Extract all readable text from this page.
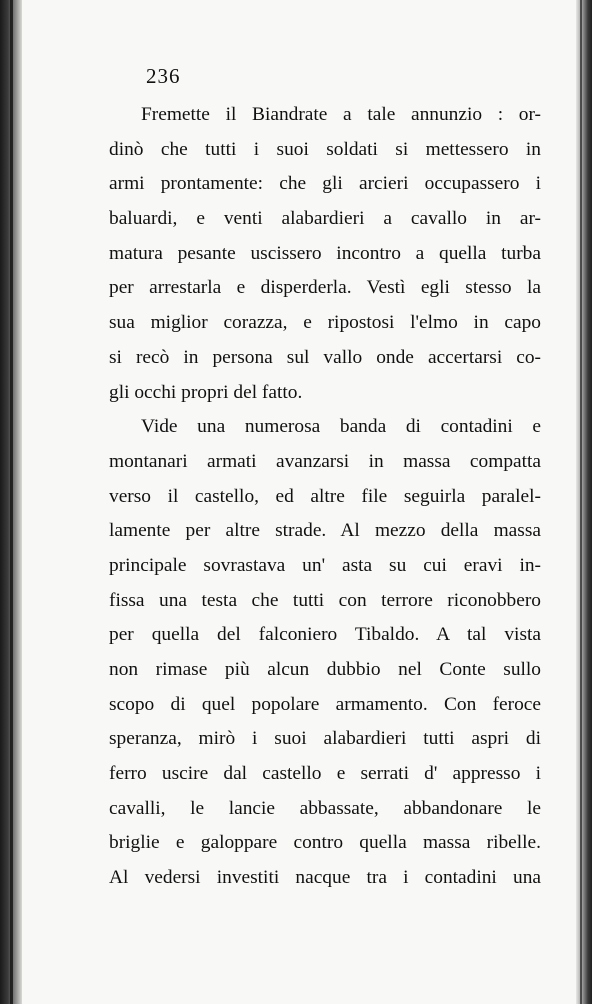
236
Fremette il Biandrate a tale annunzio : or-
dinò che tutti i suoi soldati si mettessero in
armi prontamente: che gli arcieri occupassero i
baluardi, e venti alabardieri a cavallo in ar-
matura pesante uscissero incontro a quella turba
per arrestarla e disperderla. Vestì egli stesso la
sua miglior corazza, e ripostosi l'elmo in capo
si recò in persona sul vallo onde accertarsi co-
gli occhi propri del fatto.
Vide una numerosa banda di contadini e
montanari armati avanzarsi in massa compatta
verso il castello, ed altre file seguirla paralel-
lamente per altre strade. Al mezzo della massa
principale sovrastava un' asta su cui eravi in-
fissa una testa che tutti con terrore riconobbero
per quella del falconiero Tibaldo. A tal vista
non rimase più alcun dubbio nel Conte sullo
scopo di quel popolare armamento. Con feroce
speranza, mirò i suoi alabardieri tutti aspri di
ferro uscire dal castello e serrati d' appresso i
cavalli, le lancie abbassate, abbandonare le
briglie e galoppare contro quella massa ribelle.
Al vedersi investiti nacque tra i contadini una
